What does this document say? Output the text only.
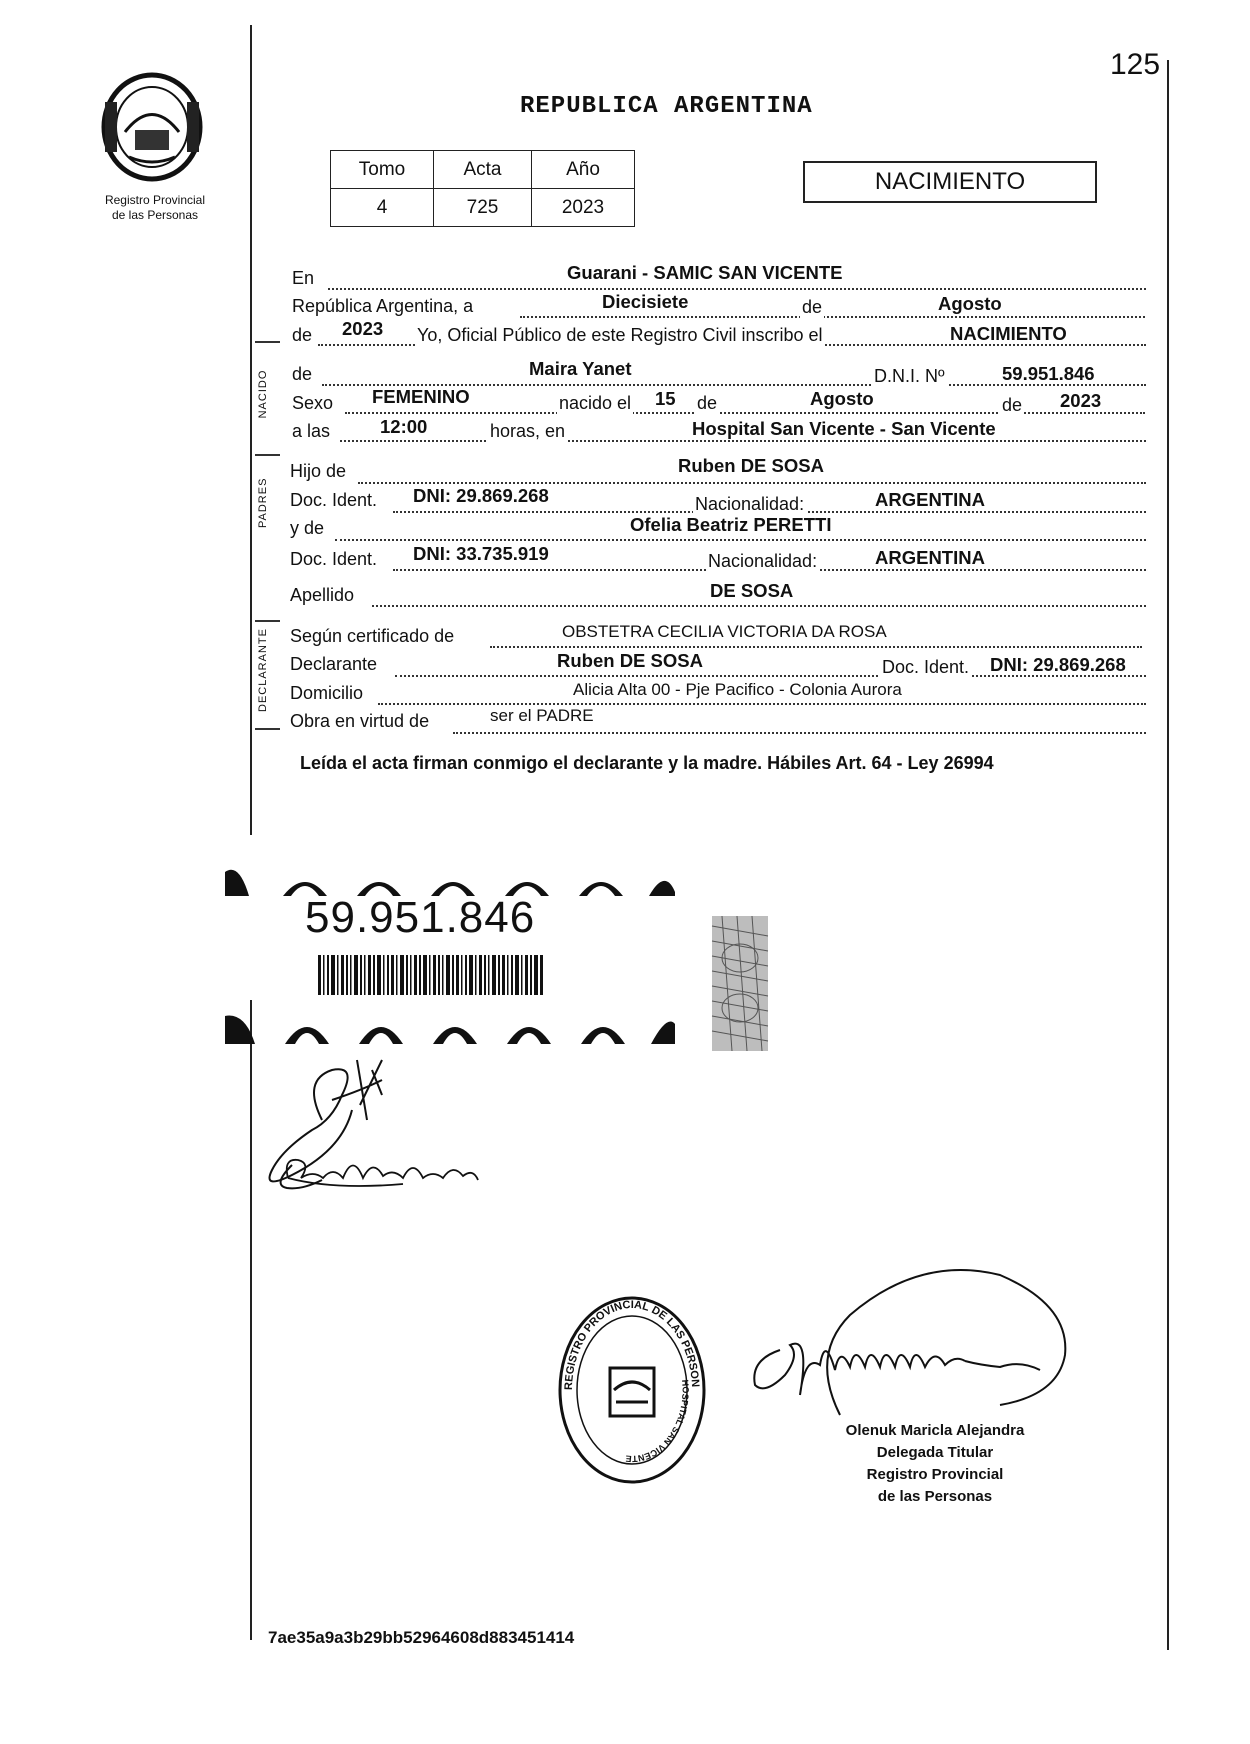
125
Registro Provincial
de las Personas
REPUBLICA ARGENTINA
Tomo	Acta	Año
4	725	2023
NACIMIENTO
NACIDO
PADRES
DECLARANTE
En	Guarani - SAMIC SAN VICENTE
República Argentina, a	Diecisiete	de	Agosto
de 2023 Yo, Oficial Público de este Registro Civil inscribo el	NACIMIENTO
de	Maira Yanet	D.N.I. Nº	59.951.846
Sexo FEMENINO	nacido el 15 de	Agosto	de 2023
a las	12:00	horas, en	Hospital San Vicente - San Vicente
Hijo de	Ruben DE SOSA
Doc. Ident. DNI: 29.869.268	Nacionalidad:	ARGENTINA
y de	Ofelia Beatriz PERETTI
Doc. Ident. DNI: 33.735.919	Nacionalidad:	ARGENTINA
Apellido	DE SOSA
Según certificado de	OBSTETRA CECILIA VICTORIA DA ROSA
Declarante	Ruben DE SOSA	Doc. Ident. DNI: 29.869.268
Domicilio	Alicia Alta 00 - Pje Pacifico - Colonia Aurora
Obra en virtud de	ser el PADRE
Leída el acta firman conmigo el declarante y la madre. Hábiles Art. 64 - Ley 26994
59.951.846
REGISTRO PROVINCIAL DE LAS PERSONAS
HOSPITAL SAN VICENTE
Olenuk Maricla Alejandra
Delegada Titular
Registro Provincial
de las Personas
7ae35a9a3b29bb52964608d883451414
